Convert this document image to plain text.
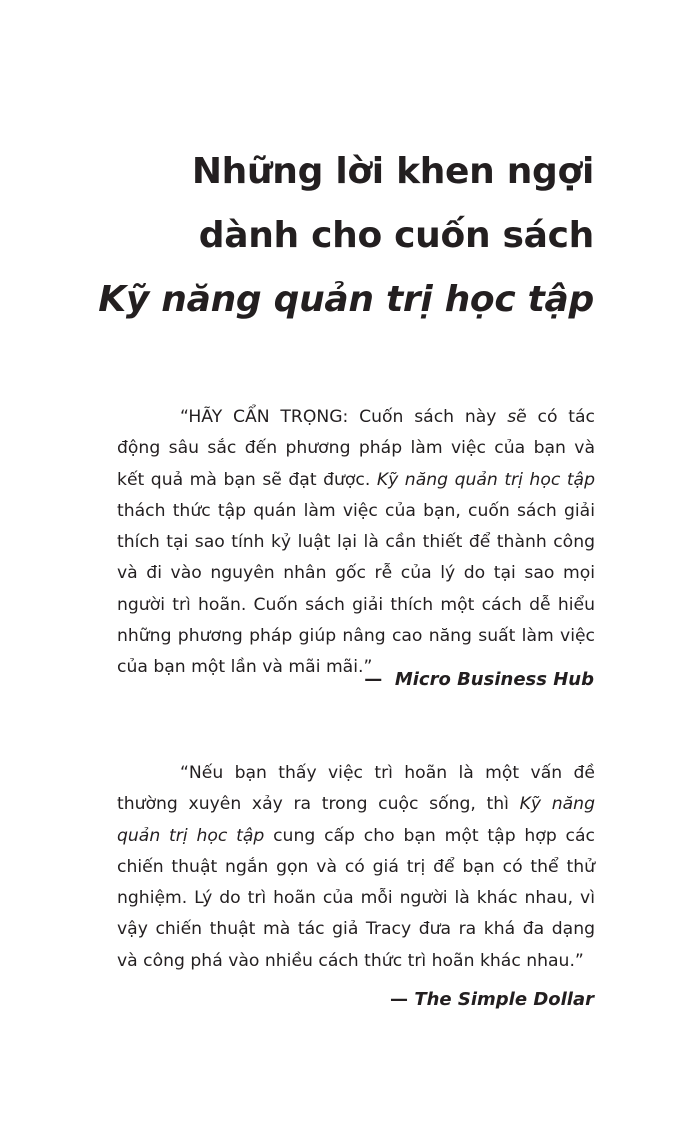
Những lời khen ngợi
dành cho cuốn sách
Kỹ năng quản trị học tập

“HÃY CẨN TRỌNG: Cuốn sách này sẽ có tác động sâu sắc đến phương pháp làm việc của bạn và kết quả mà bạn sẽ đạt được. Kỹ năng quản trị học tập thách thức tập quán làm việc của bạn, cuốn sách giải thích tại sao tính kỷ luật lại là cần thiết để thành công và đi vào nguyên nhân gốc rễ của lý do tại sao mọi người trì hoãn. Cuốn sách giải thích một cách dễ hiểu những phương pháp giúp nâng cao năng suất làm việc của bạn một lần và mãi mãi.”

— Micro Business Hub

“Nếu bạn thấy việc trì hoãn là một vấn đề thường xuyên xảy ra trong cuộc sống, thì Kỹ năng quản trị học tập cung cấp cho bạn một tập hợp các chiến thuật ngắn gọn và có giá trị để bạn có thể thử nghiệm. Lý do trì hoãn của mỗi người là khác nhau, vì vậy chiến thuật mà tác giả Tracy đưa ra khá đa dạng và công phá vào nhiều cách thức trì hoãn khác nhau.”

— The Simple Dollar
